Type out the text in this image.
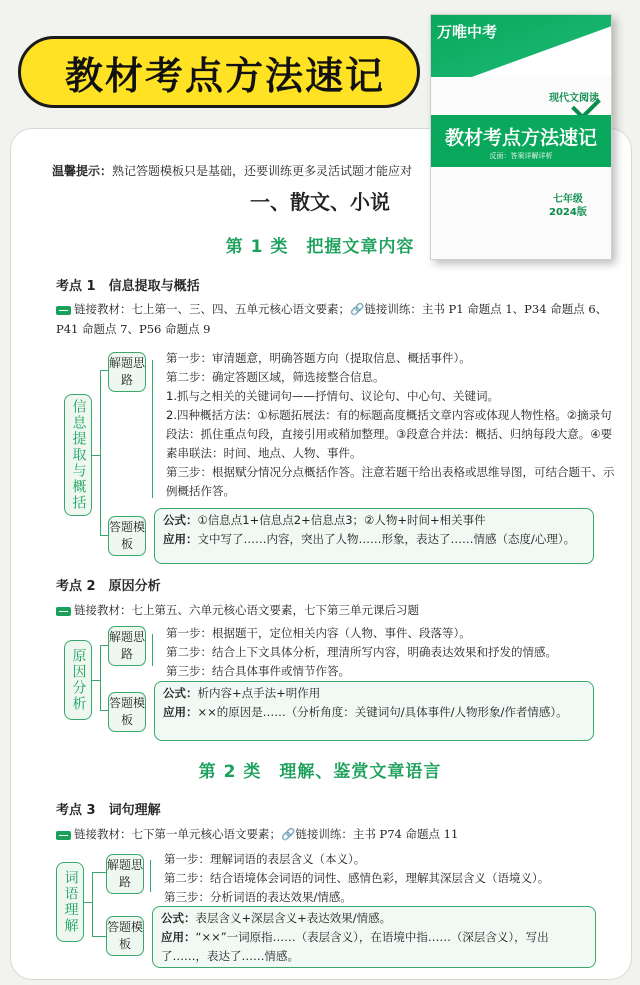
教材考点方法速记
温馨提示：熟记答题模板只是基础，还要训练更多灵活试题才能应对
一、散文、小说
第 1 类　把握文章内容
万唯中考
现代文阅读
教材考点方法速记
反面：答案详解详析
七年级
2024版
考点 1　信息提取与概括
链接教材：七上第一、三、四、五单元核心语文要素；🔗链接训练：主书 P1 命题点 1、P34 命题点 6、P41 命题点 7、P56 命题点 9
信息提取与概括
解题思路
第一步：审清题意，明确答题方向（提取信息、概括事件）。
第二步：确定答题区域，筛选接整合信息。
1.抓与之相关的关键词句——抒情句、议论句、中心句、关键词。
2.四种概括方法：①标题拓展法：有的标题高度概括文章内容或体现人物性格。②摘录句段法：抓住重点句段，直接引用或稍加整理。③段意合并法：概括、归纳每段大意。④要素串联法：时间、地点、人物、事件。
第三步：根据赋分情况分点概括作答。注意若题干给出表格或思维导图，可结合题干、示例概括作答。
答题模板
公式：①信息点1+信息点2+信息点3；②人物+时间+相关事件
应用：文中写了……内容，突出了人物……形象，表达了……情感（态度/心理）。
考点 2　原因分析
链接教材：七上第五、六单元核心语文要素，七下第三单元课后习题
原因分析
解题思路
第一步：根据题干，定位相关内容（人物、事件、段落等）。
第二步：结合上下文具体分析，理清所写内容，明确表达效果和抒发的情感。
第三步：结合具体事件或情节作答。
答题模板
公式：析内容+点手法+明作用
应用：××的原因是……（分析角度：关键词句/具体事件/人物形象/作者情感）。
第 2 类　理解、鉴赏文章语言
考点 3　词句理解
链接教材：七下第一单元核心语文要素；🔗链接训练：主书 P74 命题点 11
词语理解
解题思路
第一步：理解词语的表层含义（本义）。
第二步：结合语境体会词语的词性、感情色彩，理解其深层含义（语境义）。
第三步：分析词语的表达效果/情感。
答题模板
公式：表层含义+深层含义+表达效果/情感。
应用：“××”一词原指……（表层含义），在语境中指……（深层含义），写出了……，表达了……情感。
